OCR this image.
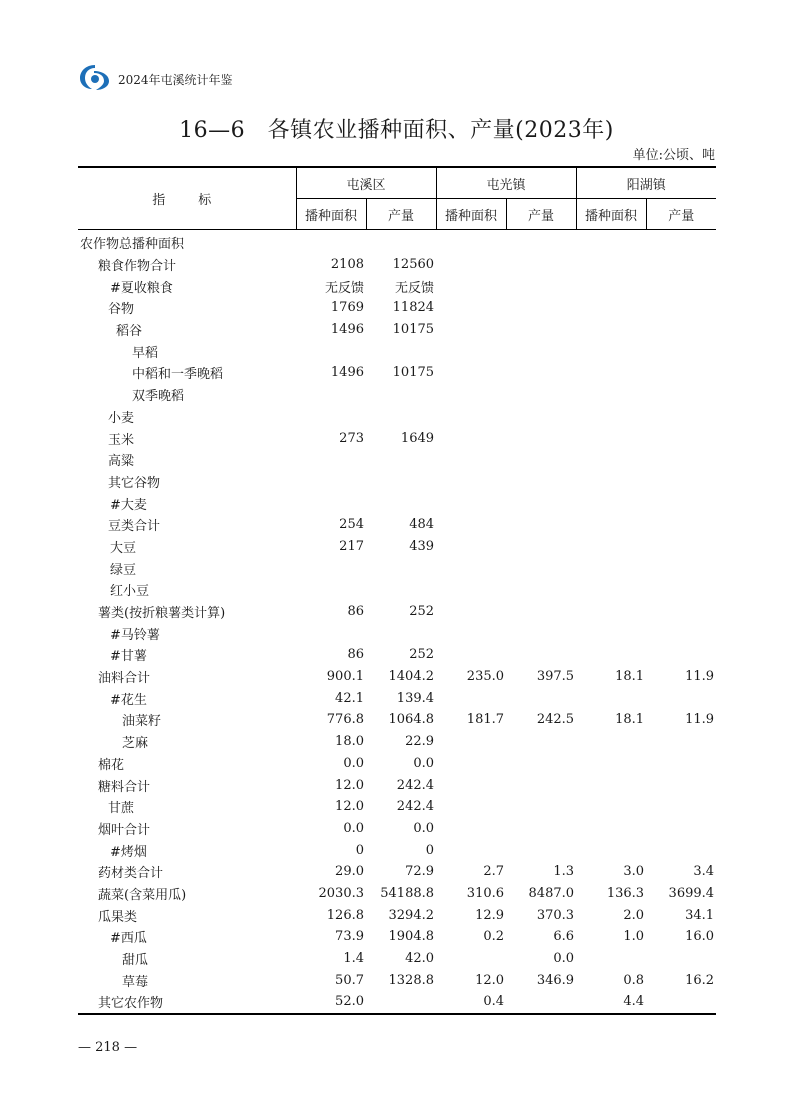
2024年屯溪统计年鉴
16—6　各镇农业播种面积、产量(2023年)
单位:公顷、吨
指　标	屯溪区		屯光镇		阳湖镇	
	播种面积	产量	播种面积	产量	播种面积	产量
农作物总播种面积						
粮食作物合计	2108	12560				
#夏收粮食	无反馈	无反馈				
谷物	1769	11824				
稻谷	1496	10175				
早稻						
中稻和一季晚稻	1496	10175				
双季晚稻						
小麦						
玉米	273	1649				
高粱						
其它谷物						
#大麦						
豆类合计	254	484				
大豆	217	439				
绿豆						
红小豆						
薯类(按折粮薯类计算)	86	252				
#马铃薯						
#甘薯	86	252				
油料合计	900.1	1404.2	235.0	397.5	18.1	11.9
#花生	42.1	139.4				
油菜籽	776.8	1064.8	181.7	242.5	18.1	11.9
芝麻	18.0	22.9				
棉花	0.0	0.0				
糖料合计	12.0	242.4				
甘蔗	12.0	242.4				
烟叶合计	0.0	0.0				
#烤烟	0	0				
药材类合计	29.0	72.9	2.7	1.3	3.0	3.4
蔬菜(含菜用瓜)	2030.3	54188.8	310.6	8487.0	136.3	3699.4
瓜果类	126.8	3294.2	12.9	370.3	2.0	34.1
#西瓜	73.9	1904.8	0.2	6.6	1.0	16.0
甜瓜	1.4	42.0		0.0		
草莓	50.7	1328.8	12.0	346.9	0.8	16.2
其它农作物	52.0		0.4		4.4	
— 218 —
